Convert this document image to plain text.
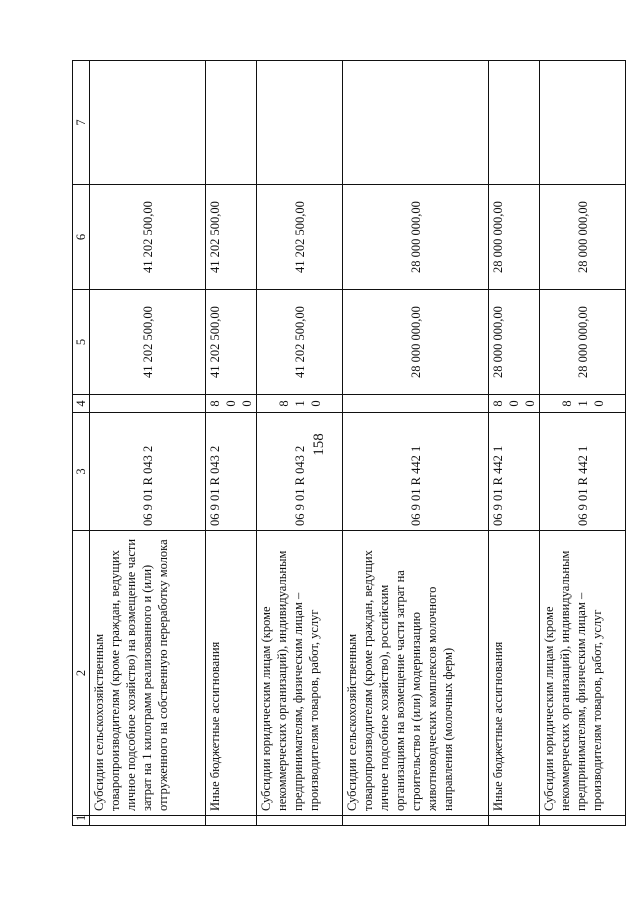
158
1	2	3	4	5	6	7
	Субсидии сельскохозяйственным товаропроизводителям (кроме граждан, ведущих личное подсобное хозяйство) на возмещение части затрат на 1 килограмм реализованного и (или) отгруженного на собственную переработку молока	06 9 01 R 043 2		41 202 500,00	41 202 500,00	
	Иные бюджетные ассигнования	06 9 01 R 043 2	800	41 202 500,00	41 202 500,00	
	Субсидии юридическим лицам (кроме некоммерческих организаций), индивидуальным предпринимателям, физическим лицам – производителям товаров, работ, услуг	06 9 01 R 043 2	810	41 202 500,00	41 202 500,00	
	Субсидии сельскохозяйственным товаропроизводителям (кроме граждан, ведущих личное подсобное хозяйство), российским организациям на возмещение части затрат на строительство и (или) модернизацию животноводческих комплексов молочного направления (молочных ферм)	06 9 01 R 442 1		28 000 000,00	28 000 000,00	
	Иные бюджетные ассигнования	06 9 01 R 442 1	800	28 000 000,00	28 000 000,00	
	Субсидии юридическим лицам (кроме некоммерческих организаций), индивидуальным предпринимателям, физическим лицам – производителям товаров, работ, услуг	06 9 01 R 442 1	810	28 000 000,00	28 000 000,00	
